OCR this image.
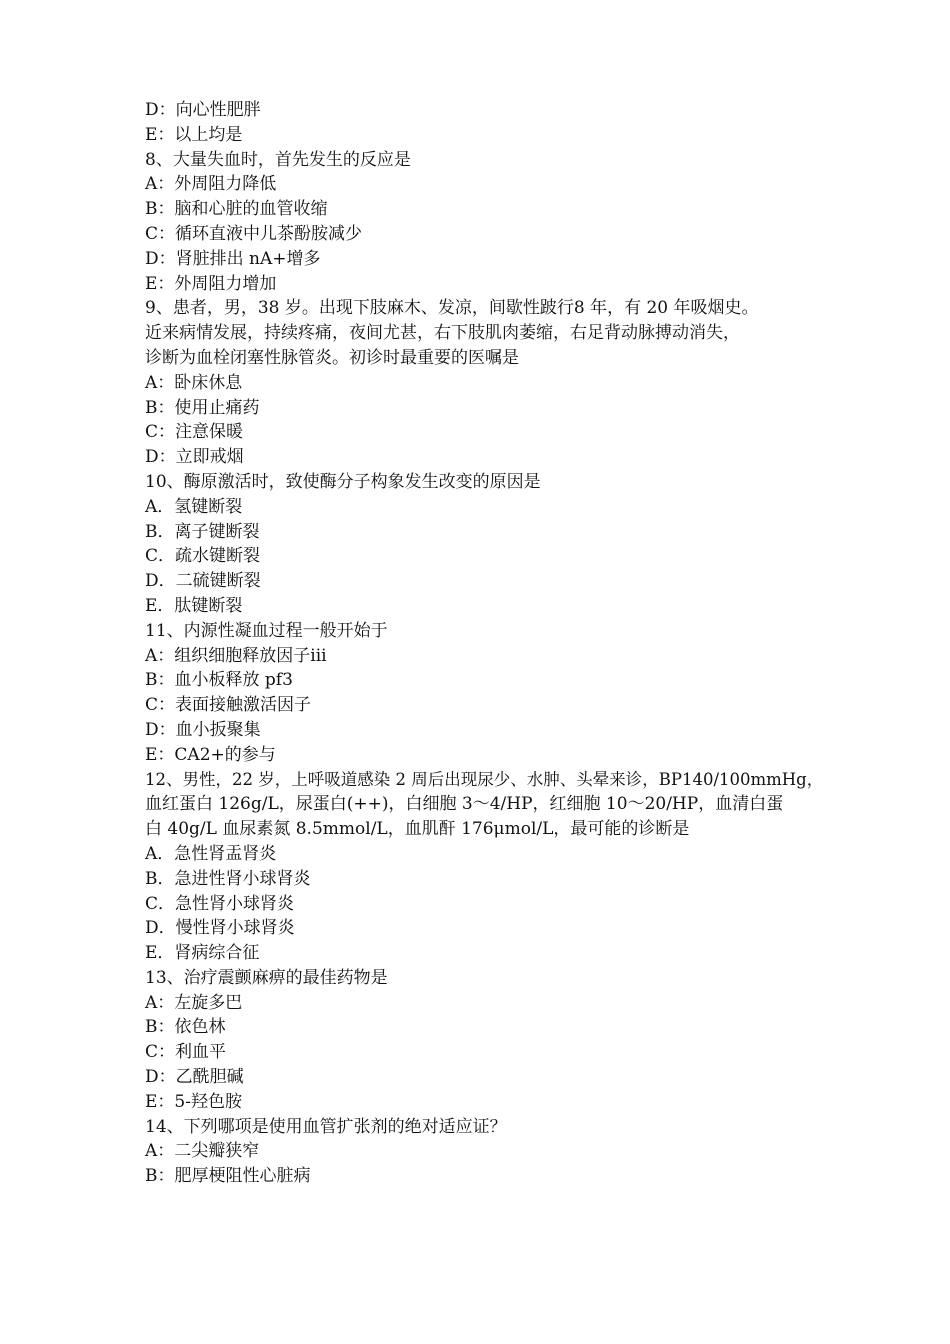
D：向心性肥胖
E：以上均是
8、大量失血时，首先发生的反应是
A：外周阻力降低
B：脑和心脏的血管收缩
C：循环直液中儿茶酚胺减少
D：肾脏排出 nA+增多
E：外周阻力增加
9、患者，男，38 岁。出现下肢麻木、发凉，间歇性跛行8 年，有 20 年吸烟史。
近来病情发展，持续疼痛，夜间尤甚，右下肢肌肉萎缩，右足背动脉搏动消失，
诊断为血栓闭塞性脉管炎。初诊时最重要的医嘱是
A：卧床休息
B：使用止痛药
C：注意保暖
D：立即戒烟
10、酶原激活时，致使酶分子构象发生改变的原因是
A．氢键断裂
B．离子键断裂
C．疏水键断裂
D．二硫键断裂
E．肽键断裂
11、内源性凝血过程一般开始于
A：组织细胞释放因子iii
B：血小板释放 pf3
C：表面接触激活因子
D：血小扳聚集
E：CA2+的参与
12、男性，22 岁，上呼吸道感染 2 周后出现尿少、水肿、头晕来诊，BP140/100mmHg，
血红蛋白 126g/L，尿蛋白(++)，白细胞 3～4/HP，红细胞 10～20/HP，血清白蛋
白 40g/L 血尿素氮 8.5mmol/L，血肌酐 176μmol/L，最可能的诊断是
A．急性肾盂肾炎
B．急进性肾小球肾炎
C．急性肾小球肾炎
D．慢性肾小球肾炎
E．肾病综合征
13、治疗震颤麻痹的最佳药物是
A：左旋多巴
B：依色林
C：利血平
D：乙酰胆碱
E：5-羟色胺
14、下列哪项是使用血管扩张剂的绝对适应证？
A：二尖瓣狭窄
B：肥厚梗阻性心脏病
